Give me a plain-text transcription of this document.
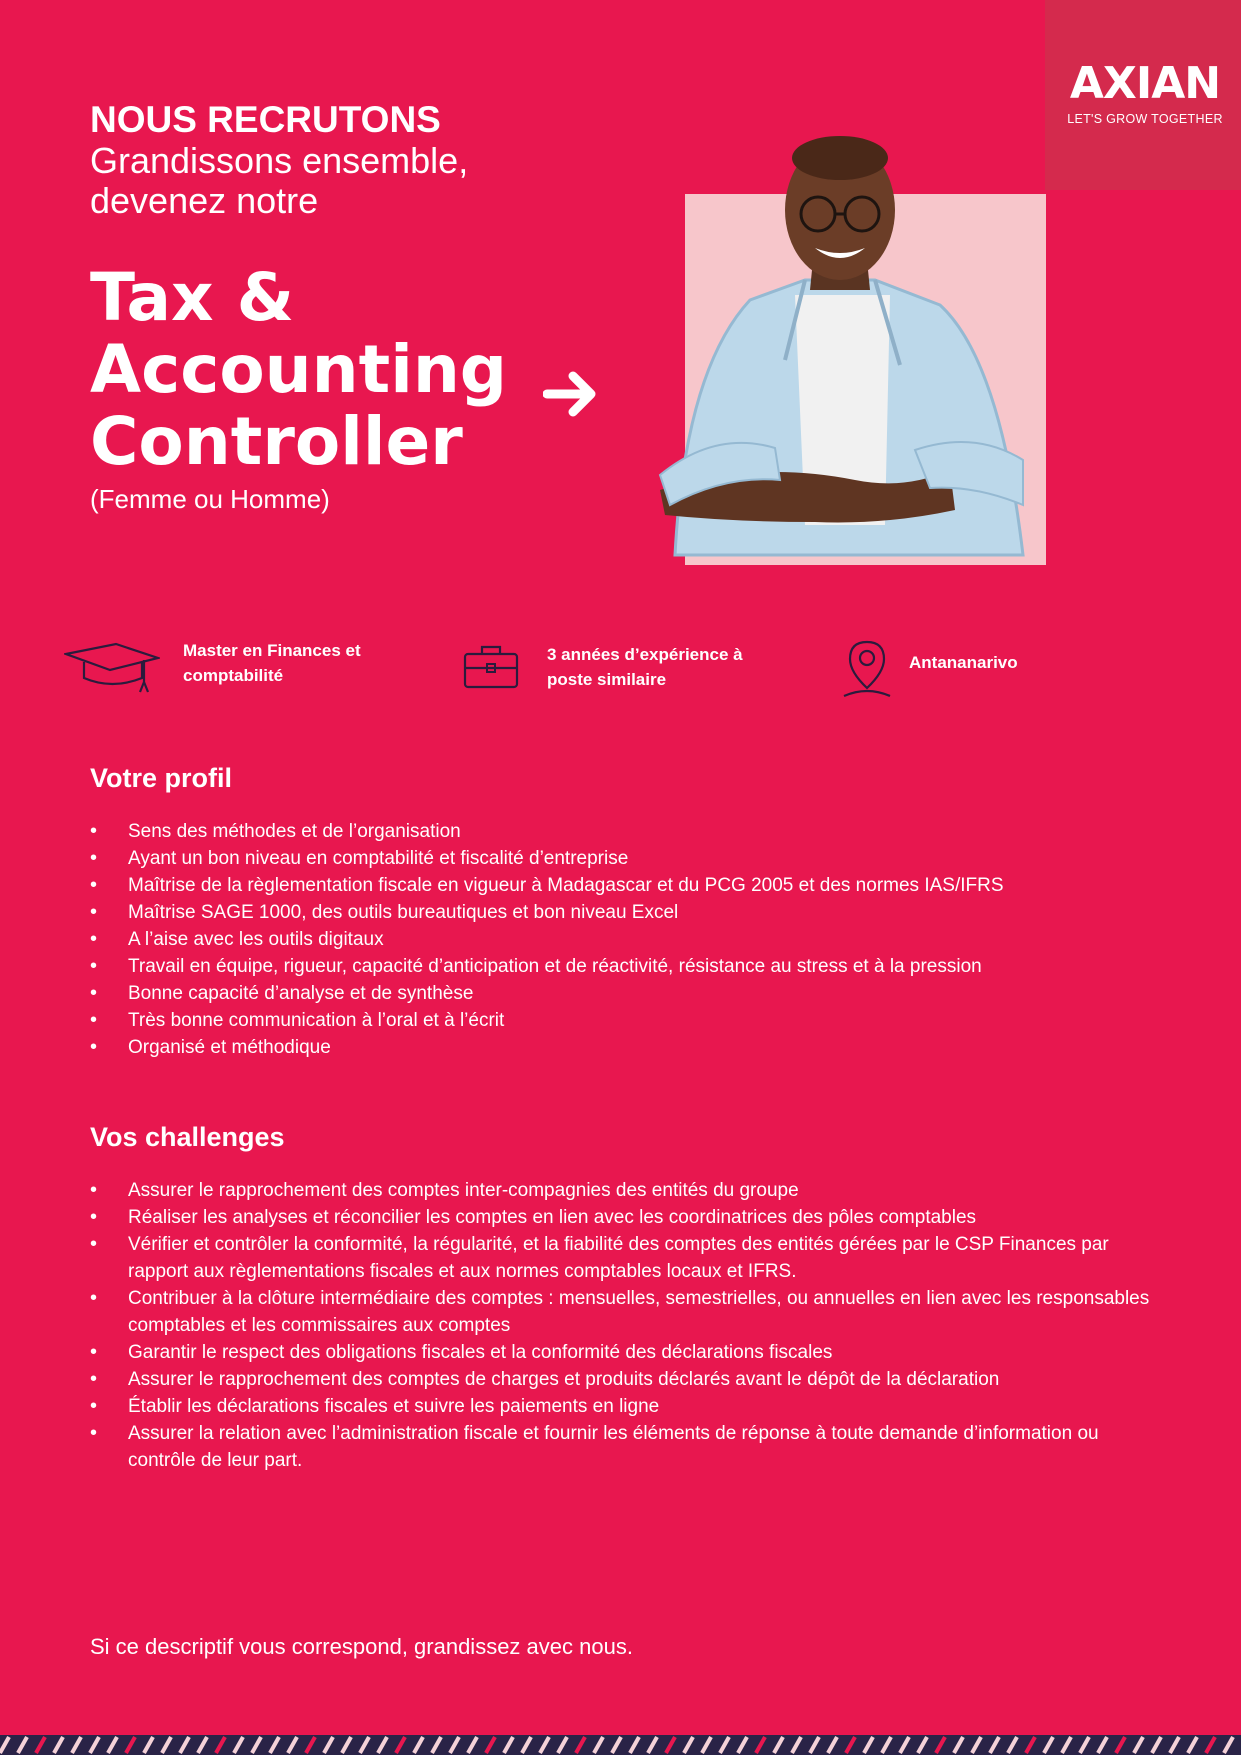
AXIAN
LET'S GROW TOGETHER
NOUS RECRUTONS
Grandissons ensemble,
devenez notre
Tax &
Accounting
Controller
(Femme ou Homme)
Master en Finances et
comptabilité
3 années d’expérience à
poste similaire
Antananarivo
Votre profil
• Sens des méthodes et de l’organisation
• Ayant un bon niveau en comptabilité et fiscalité d’entreprise
• Maîtrise de la règlementation fiscale en vigueur à Madagascar et du PCG 2005 et des normes IAS/IFRS
• Maîtrise SAGE 1000, des outils bureautiques et bon niveau Excel
• A l’aise avec les outils digitaux
• Travail en équipe, rigueur, capacité d’anticipation et de réactivité, résistance au stress et à la pression
• Bonne capacité d’analyse et de synthèse
• Très bonne communication à l’oral et à l’écrit
• Organisé et méthodique
Vos challenges
• Assurer le rapprochement des comptes inter-compagnies des entités du groupe
• Réaliser les analyses et réconcilier les comptes en lien avec les coordinatrices des pôles comptables
• Vérifier et contrôler la conformité, la régularité, et la fiabilité des comptes des entités gérées par le CSP Finances par rapport aux règlementations fiscales et aux normes comptables locaux et IFRS.
• Contribuer à la clôture intermédiaire des comptes : mensuelles, semestrielles, ou annuelles en lien avec les responsables comptables et les commissaires aux comptes
• Garantir le respect des obligations fiscales et la conformité des déclarations fiscales
• Assurer le rapprochement des comptes de charges et produits déclarés avant le dépôt de la déclaration
• Établir les déclarations fiscales et suivre les paiements en ligne
• Assurer la relation avec l’administration fiscale et fournir les éléments de réponse à toute demande d’information ou contrôle de leur part.
Si ce descriptif vous correspond, grandissez avec nous.
